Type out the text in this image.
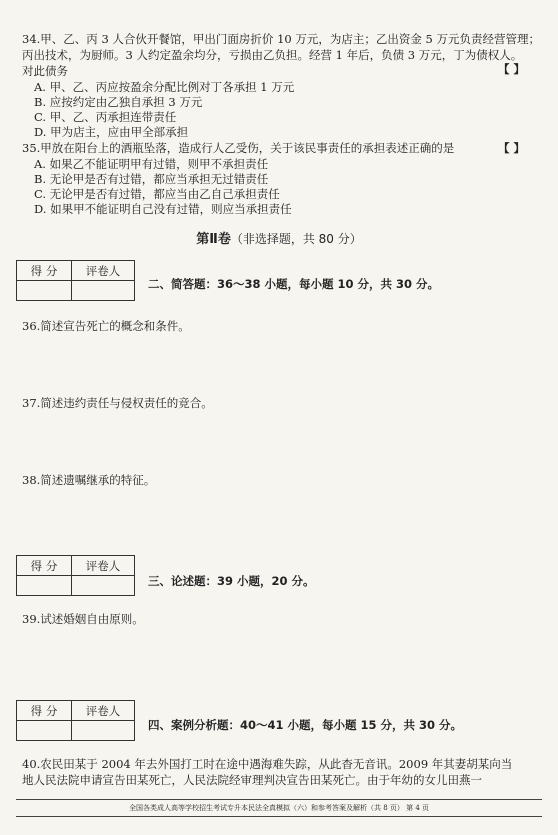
34.甲、乙、丙 3 人合伙开餐馆，甲出门面房折价 10 万元，为店主；乙出资金 5 万元负责经营管理；
丙出技术，为厨师。3 人约定盈余均分，亏损由乙负担。经营 1 年后，负债 3 万元，丁为债权人。
对此债务	【 】
A. 甲、乙、丙应按盈余分配比例对丁各承担 1 万元
B. 应按约定由乙独自承担 3 万元
C. 甲、乙、丙承担连带责任
D. 甲为店主，应由甲全部承担
35.甲放在阳台上的酒瓶坠落，造成行人乙受伤，关于该民事责任的承担表述正确的是	【 】
A. 如果乙不能证明甲有过错，则甲不承担责任
B. 无论甲是否有过错，都应当承担无过错责任
C. 无论甲是否有过错，都应当由乙自己承担责任
D. 如果甲不能证明自己没有过错，则应当承担责任
第Ⅱ卷（非选择题，共 80 分）
得 分	评卷人

二、简答题：36～38 小题，每小题 10 分，共 30 分。
36.简述宣告死亡的概念和条件。
37.简述违约责任与侵权责任的竞合。
38.简述遗嘱继承的特征。
得 分	评卷人

三、论述题：39 小题，20 分。
39.试述婚姻自由原则。
得 分	评卷人

四、案例分析题：40～41 小题，每小题 15 分，共 30 分。
40.农民田某于 2004 年去外国打工时在途中遇海难失踪，从此杳无音讯。2009 年其妻胡某向当
地人民法院申请宣告田某死亡，人民法院经审理判决宣告田某死亡。由于年幼的女儿田燕一
全国各类成人高等学校招生考试专升本民法全真模拟（六）和参考答案及解析（共 8 页） 第 4 页
